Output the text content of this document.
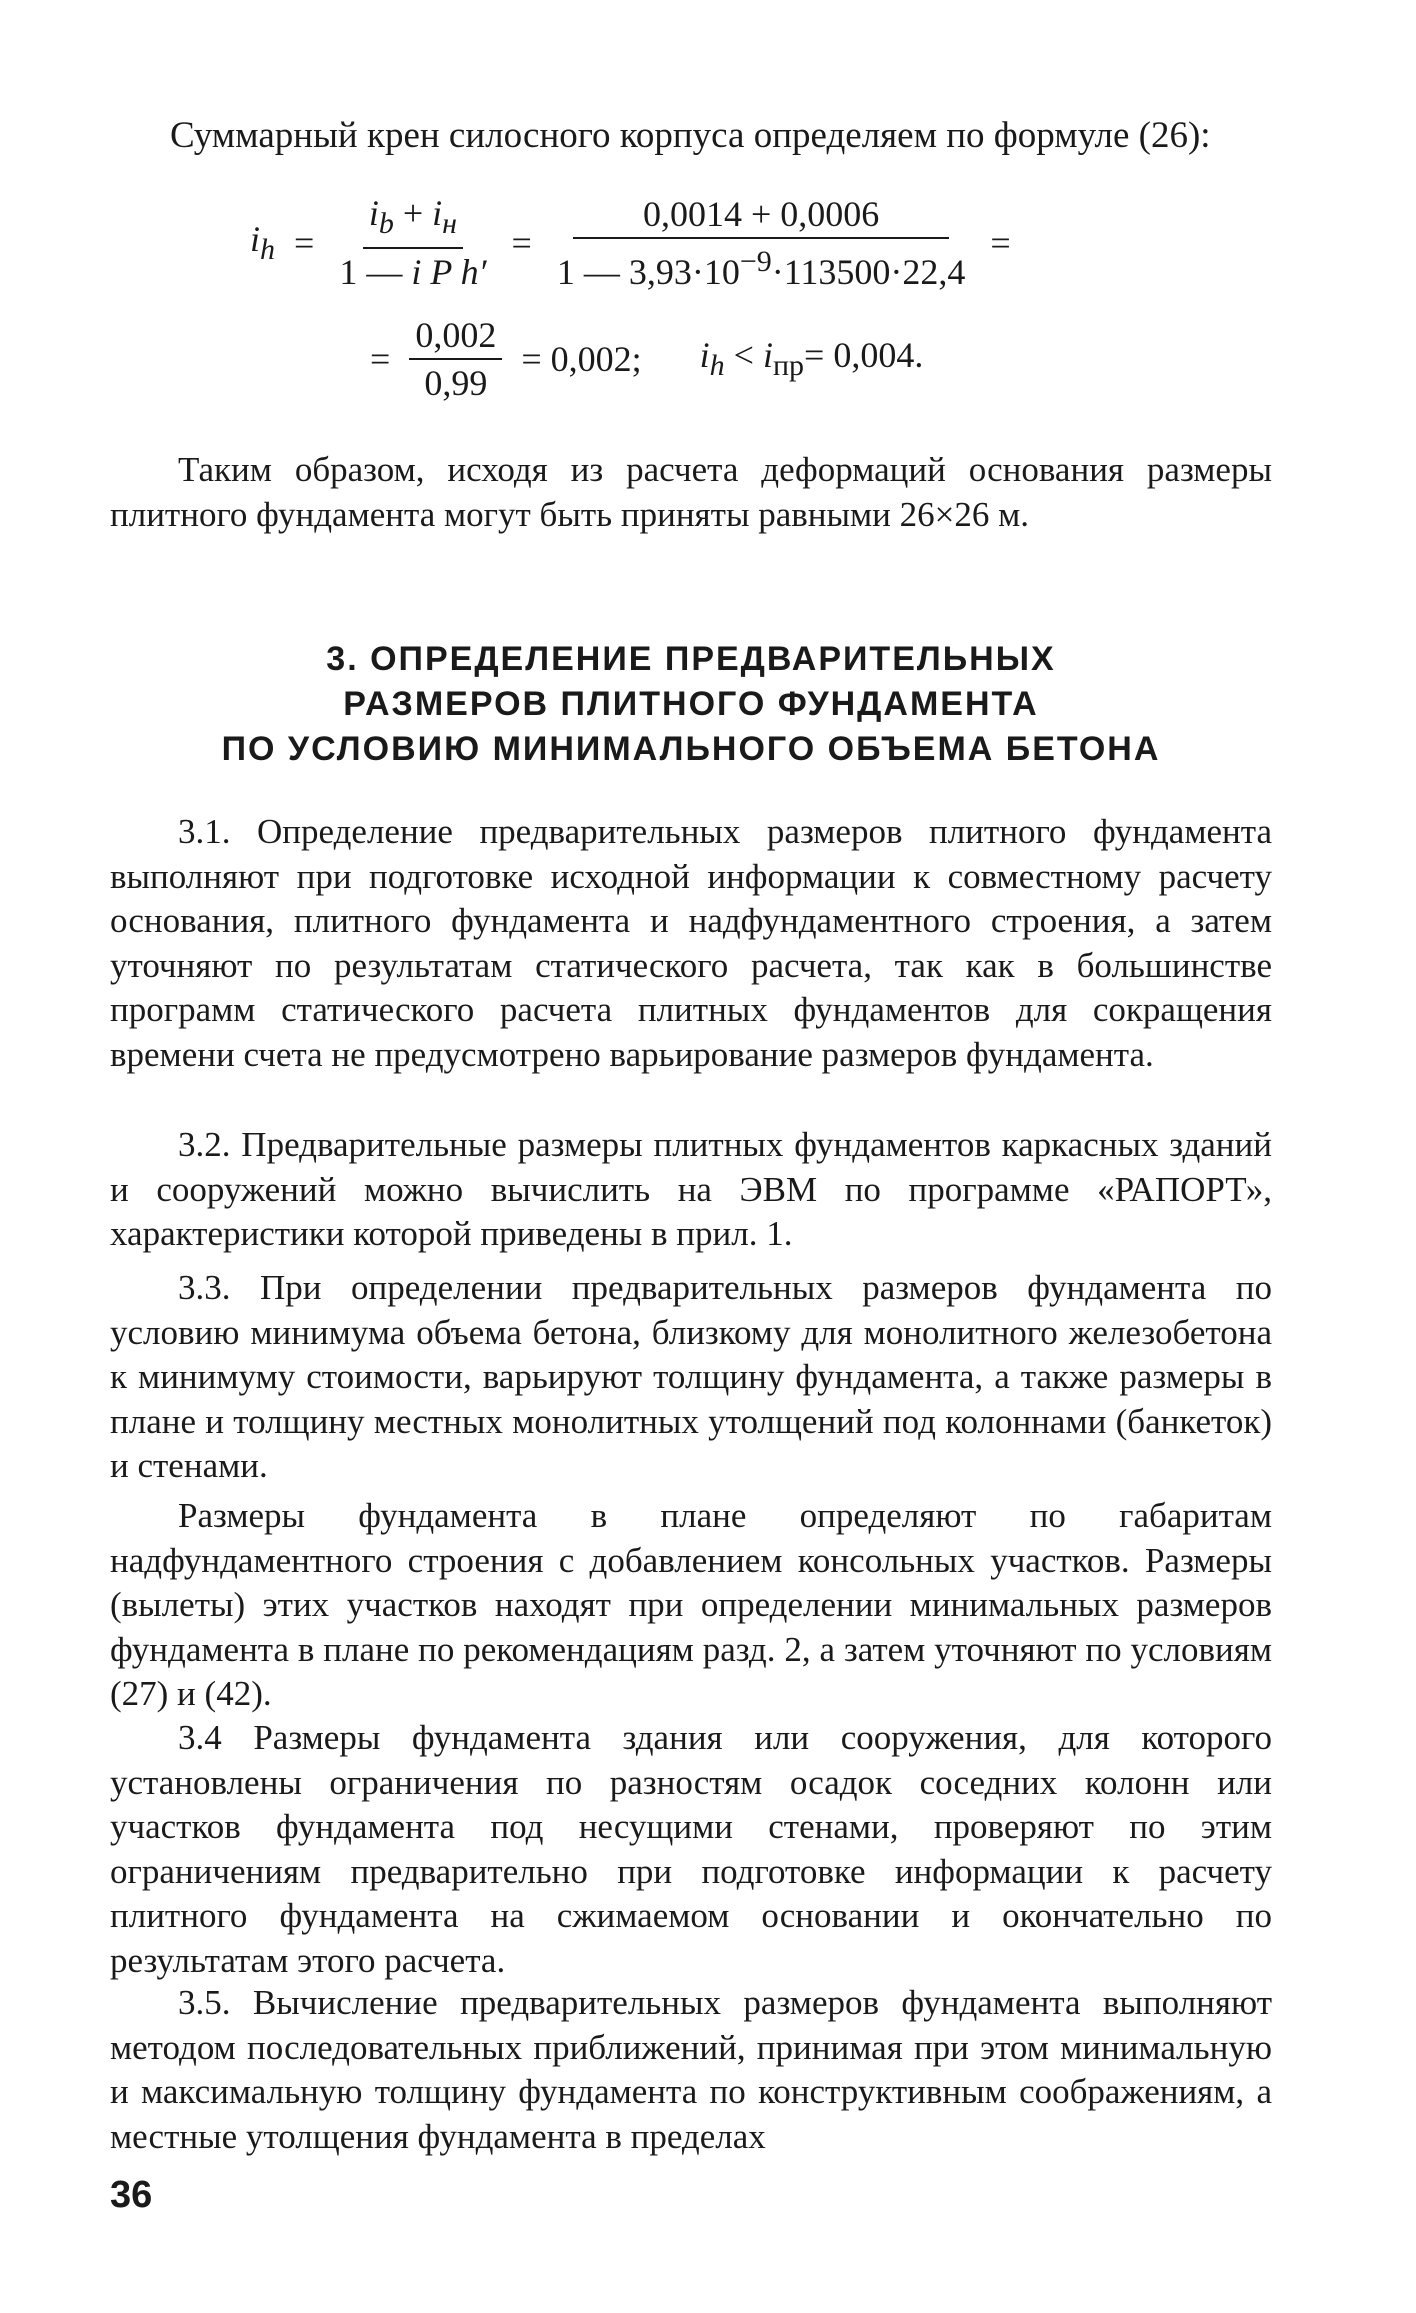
Суммарный крен силосного корпуса определяем по формуле (26):
$i_h = \frac{i_b + i_н}{\text{1 — i P h′}} = \frac{0,0014 + 0,0006}{1 — 3,93\cdot 10^{-9}\cdot 113500\cdot 22,4}$ =
= $\frac{0,002}{0,99} = 0,002$; $i_h < i_{пр}= 0,004$.

Таким образом, исходя из расчета деформаций основания размеры плитного фундамента могут быть приняты равными 26×26 м.

3. ОПРЕДЕЛЕНИЕ ПРЕДВАРИТЕЛЬНЫХ
РАЗМЕРОВ ПЛИТНОГО ФУНДАМЕНТА
ПО УСЛОВИЮ МИНИМАЛЬНОГО ОБЪЕМА БЕТОНА

3.1. Определение предварительных размеров плитного фундамента выполняют при подготовке исходной информации к совместному расчету основания, плитного фундамента и надфундаментного строения, а затем уточняют по результатам статического расчета, так как в большинстве программ статического расчета плитных фундаментов для сокращения времени счета не предусмотрено варьирование размеров фундамента.

3.2. Предварительные размеры плитных фундаментов каркасных зданий и сооружений можно вычислить на ЭВМ по программе «РАПОРТ», характеристики которой приведены в прил. 1.

3.3. При определении предварительных размеров фундамента по условию минимума объема бетона, близкому для монолитного железобетона к минимуму стоимости, варьируют толщину фундамента, а также размеры в плане и толщину местных монолитных утолщений под колоннами (банкеток) и стенами.

Размеры фундамента в плане определяют по габаритам надфундаментного строения с добавлением консольных участков. Размеры (вылеты) этих участков находят при определении минимальных размеров фундамента в плане по рекомендациям разд. 2, а затем уточняют по условиям (27) и (42).

3.4 Размеры фундамента здания или сооружения, для которого установлены ограничения по разностям осадок соседних колонн или участков фундамента под несущими стенами, проверяют по этим ограничениям предварительно при подготовке информации к расчету плитного фундамента на сжимаемом основании и окончательно по результатам этого расчета.

3.5. Вычисление предварительных размеров фундамента выполняют методом последовательных приближений, принимая при этом минимальную и максимальную толщину фундамента по конструктивным соображениям, а местные утолщения фундамента в пределах

36
